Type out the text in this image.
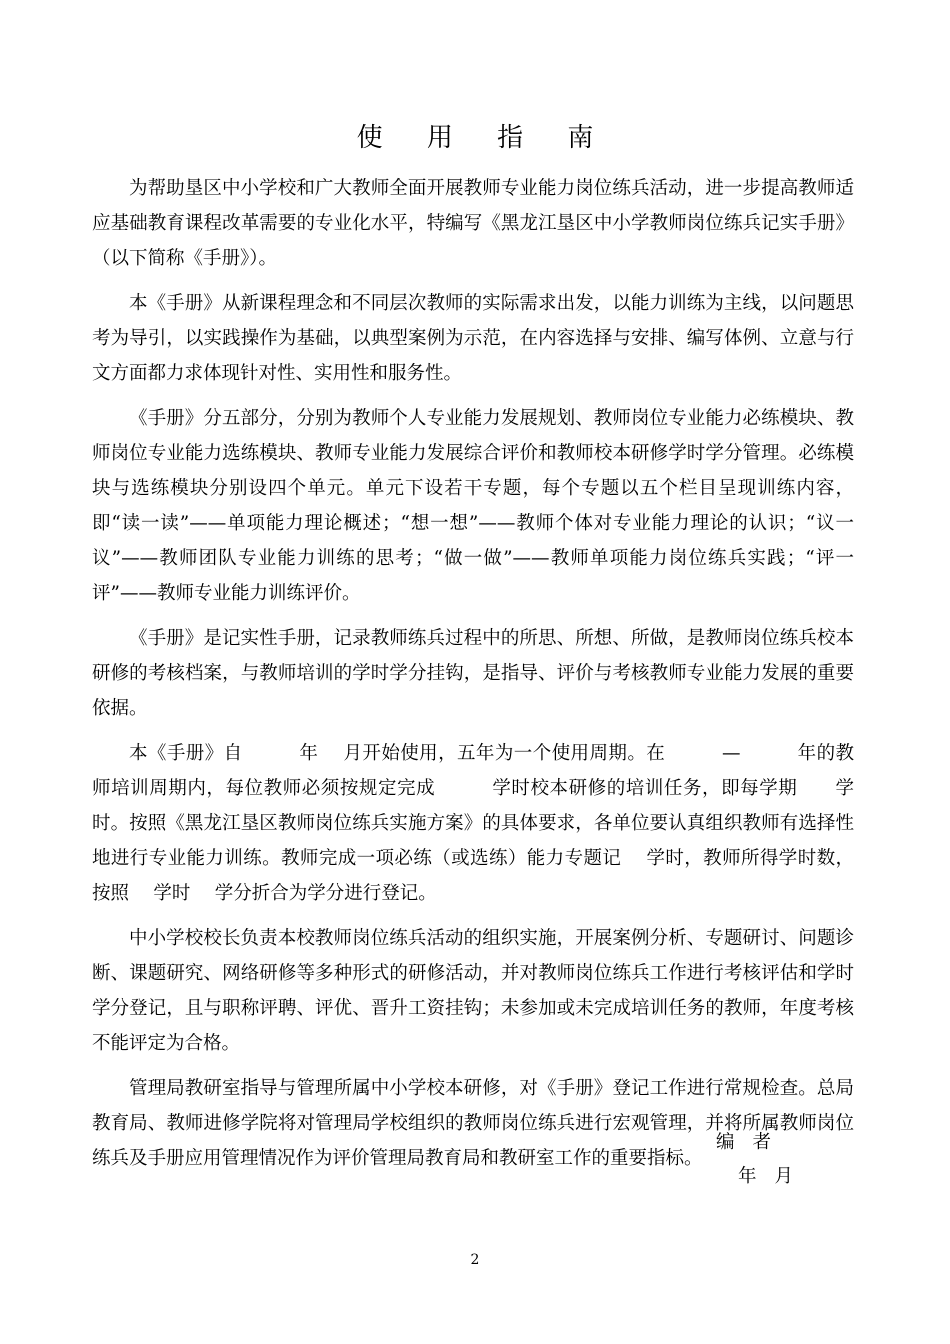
使 用 指 南

为帮助垦区中小学校和广大教师全面开展教师专业能力岗位练兵活动，进一步提高教师适应基础教育课程改革需要的专业化水平，特编写《黑龙江垦区中小学教师岗位练兵记实手册》（以下简称《手册》）。

本《手册》从新课程理念和不同层次教师的实际需求出发，以能力训练为主线，以问题思考为导引，以实践操作为基础，以典型案例为示范，在内容选择与安排、编写体例、立意与行文方面都力求体现针对性、实用性和服务性。

《手册》分五部分，分别为教师个人专业能力发展规划、教师岗位专业能力必练模块、教师岗位专业能力选练模块、教师专业能力发展综合评价和教师校本研修学时学分管理。必练模块与选练模块分别设四个单元。单元下设若干专题，每个专题以五个栏目呈现训练内容，即“读一读”——单项能力理论概述；“想一想”——教师个体对专业能力理论的认识；“议一议”——教师团队专业能力训练的思考；“做一做”——教师单项能力岗位练兵实践；“评一评”——教师专业能力训练评价。

《手册》是记实性手册，记录教师练兵过程中的所思、所想、所做，是教师岗位练兵校本研修的考核档案，与教师培训的学时学分挂钩，是指导、评价与考核教师专业能力发展的重要依据。

本《手册》自　　　年　 月开始使用，五年为一个使用周期。在　　　—　　　年的教师培训周期内，每位教师必须按规定完成　　　学时校本研修的培训任务，即每学期　　学时。按照《黑龙江垦区教师岗位练兵实施方案》的具体要求，各单位要认真组织教师有选择性地进行专业能力训练。教师完成一项必练（或选练）能力专题记　 学时，教师所得学时数，按照　 学时　 学分折合为学分进行登记。

中小学校校长负责本校教师岗位练兵活动的组织实施，开展案例分析、专题研讨、问题诊断、课题研究、网络研修等多种形式的研修活动，并对教师岗位练兵工作进行考核评估和学时学分登记，且与职称评聘、评优、晋升工资挂钩；未参加或未完成培训任务的教师，年度考核不能评定为合格。

管理局教研室指导与管理所属中小学校本研修，对《手册》登记工作进行常规检查。总局教育局、教师进修学院将对管理局学校组织的教师岗位练兵进行宏观管理，并将所属教师岗位练兵及手册应用管理情况作为评价管理局教育局和教研室工作的重要指标。

编者

年月

2
